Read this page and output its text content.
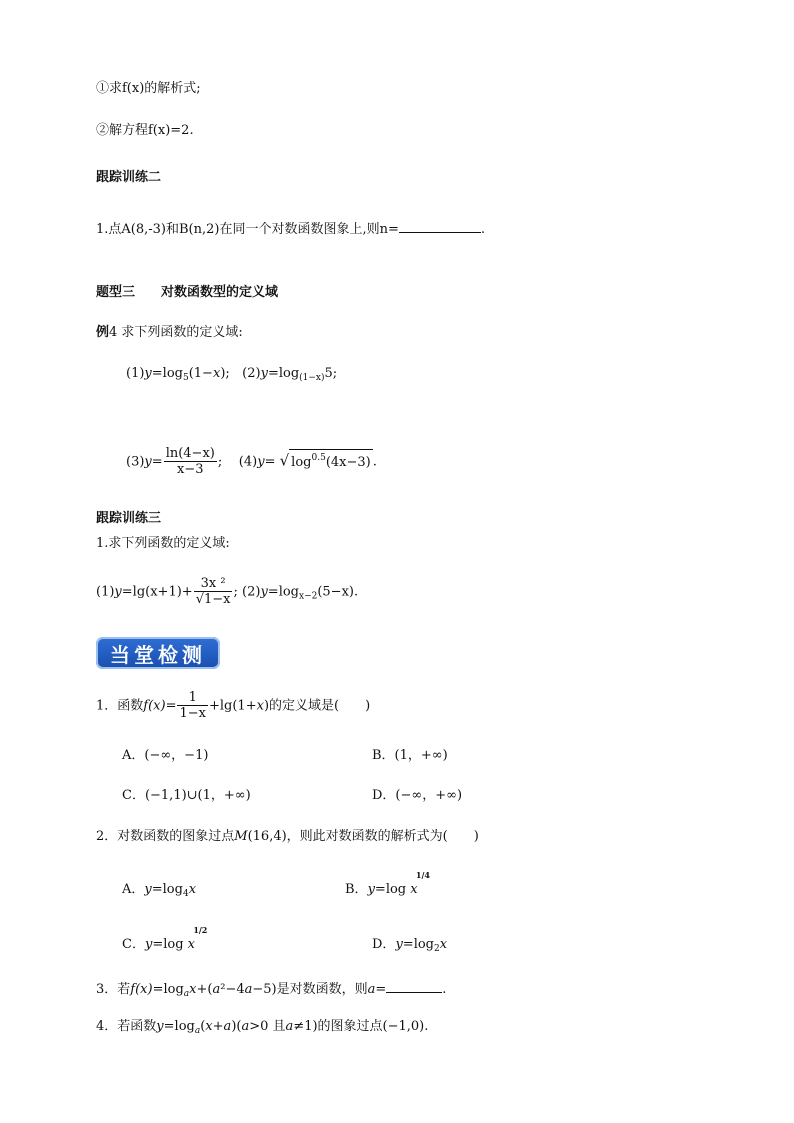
①求f(x)的解析式;
②解方程f(x)=2.
跟踪训练二
1.点A(8,-3)和B(n,2)在同一个对数函数图象上,则n=	.
题型三　　对数函数型的定义域
例4 求下列函数的定义域:
$(1)y=\log_5(1-x)$; $(2)y=\log_{(1-x)}5$;
$(3)y= \frac{\ln(4-x)}{x-3}$ ; (4)y= √ $\log^{0.5}(4x-3)$ .
跟踪训练三
1.求下列函数的定义域:
$(1)y=\lg(x+1)+ \frac{\text{3x ²}}{√1-x}$ ; $(2)y=\log_{x-2}(5-x)$.
当堂检测
1．函数$f(x)= \frac{1}{1-x} +\lg(1+x)$的定义域是(　　)
A．(−∞，−1)	B．(1，+∞)
C．(−1,1)∪(1，+∞)	D．(−∞，+∞)
2．对数函数的图象过点M(16,4)，则此对数函数的解析式为(　　)
A．$y=\log_4x$	B．y=log
1/4
x
C．y=log
1/2
x	D．$y=\log_2x$
3．若$f(x)=\log_ax+(a^2-4a-5)$是对数函数，则a=	.
4．若函数$y=\log_a(x+a)(a>0$ 且a≠1)的图象过点(−1,0).
